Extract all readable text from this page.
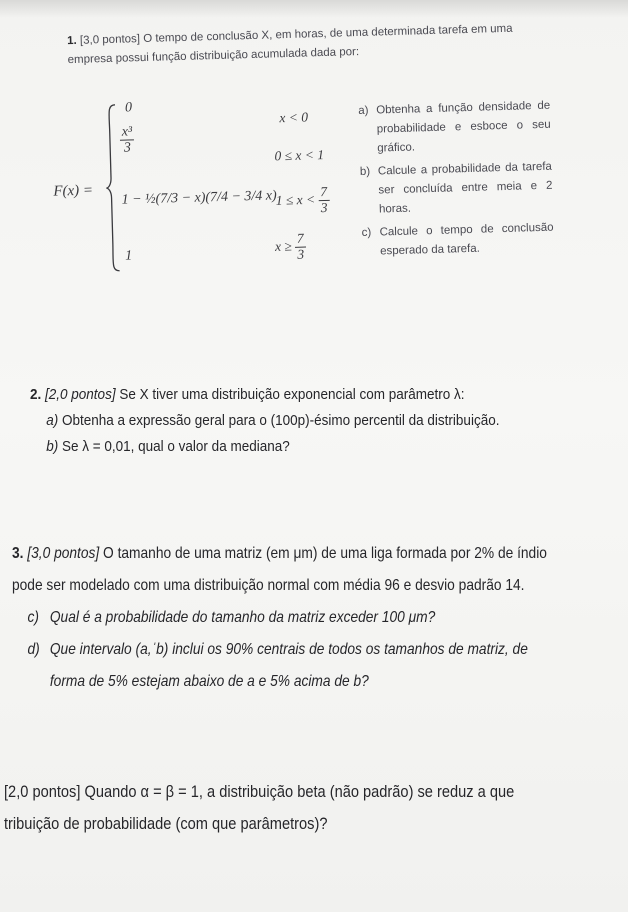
1. [3,0 pontos] O tempo de conclusão X, em horas, de uma determinada tarefa em uma empresa possui função distribuição acumulada dada por:
F(x) =
0
$\frac{\text{x³}}{3}$
1 − ½(7/3 − x)(7/4 − 3/4 x)
1
x < 0
0 ≤ x < 1
$1 \le x < \frac{7}{3}$
$x \ge \frac{7}{3}$
a) Obtenha a função densidade de probabilidade e esboce o seu gráfico.
b) Calcule a probabilidade da tarefa ser concluída entre meia e 2 horas.
c) Calcule o tempo de conclusão esperado da tarefa.
2. [2,0 pontos] Se X tiver uma distribuição exponencial com parâmetro λ:
a) Obtenha a expressão geral para o (100p)-ésimo percentil da distribuição.
b) Se λ = 0,01, qual o valor da mediana?
3. [3,0 pontos] O tamanho de uma matriz (em μm) de uma liga formada por 2% de índio
pode ser modelado com uma distribuição normal com média 96 e desvio padrão 14.
c) Qual é a probabilidade do tamanho da matriz exceder 100 μm?
d) Que intervalo (a,ˈb) inclui os 90% centrais de todos os tamanhos de matriz, de
forma de 5% estejam abaixo de a e 5% acima de b?
[2,0 pontos] Quando α = β = 1, a distribuição beta (não padrão) se reduz a que
tribuição de probabilidade (com que parâmetros)?
